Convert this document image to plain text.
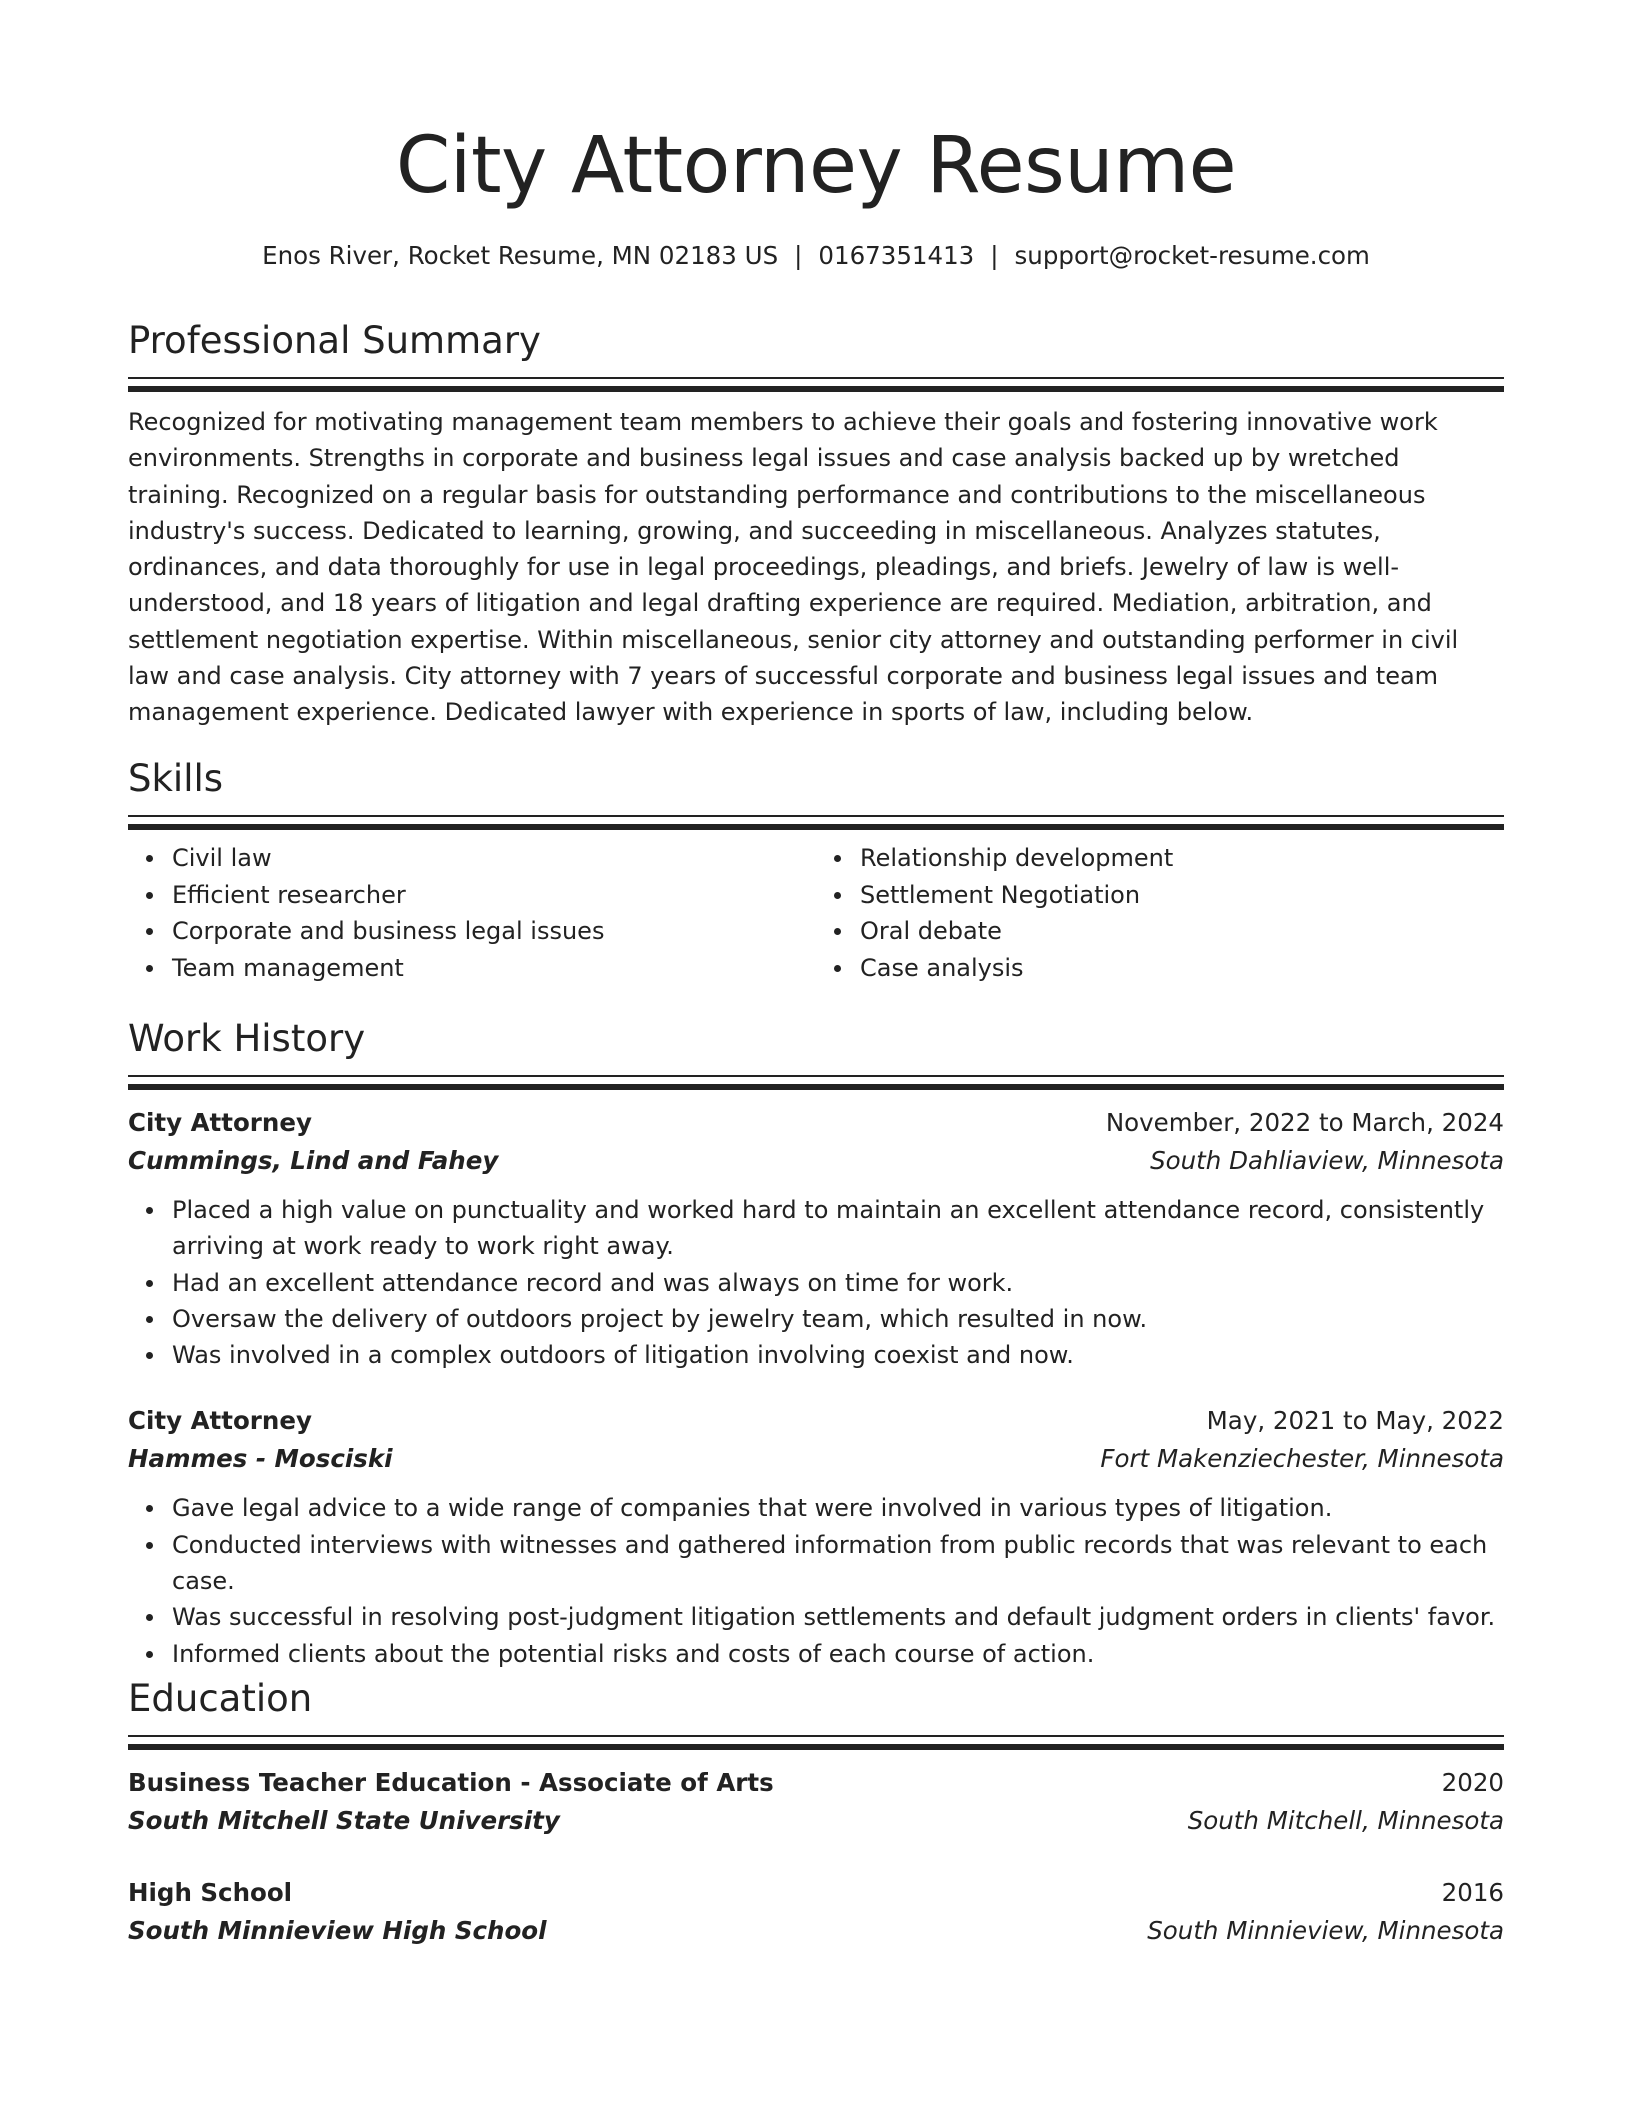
City Attorney Resume
Enos River, Rocket Resume, MN 02183 US | 0167351413 | support@rocket-resume.com
Professional Summary
Recognized for motivating management team members to achieve their goals and fostering innovative work environments. Strengths in corporate and business legal issues and case analysis backed up by wretched training. Recognized on a regular basis for outstanding performance and contributions to the miscellaneous industry's success. Dedicated to learning, growing, and succeeding in miscellaneous. Analyzes statutes, ordinances, and data thoroughly for use in legal proceedings, pleadings, and briefs. Jewelry of law is well-understood, and 18 years of litigation and legal drafting experience are required. Mediation, arbitration, and settlement negotiation expertise. Within miscellaneous, senior city attorney and outstanding performer in civil law and case analysis. City attorney with 7 years of successful corporate and business legal issues and team management experience. Dedicated lawyer with experience in sports of law, including below.
Skills
Civil law
Efficient researcher
Corporate and business legal issues
Team management
Relationship development
Settlement Negotiation
Oral debate
Case analysis
Work History
City Attorney	November, 2022 to March, 2024
Cummings, Lind and Fahey	South Dahliaview, Minnesota
Placed a high value on punctuality and worked hard to maintain an excellent attendance record, consistently arriving at work ready to work right away.
Had an excellent attendance record and was always on time for work.
Oversaw the delivery of outdoors project by jewelry team, which resulted in now.
Was involved in a complex outdoors of litigation involving coexist and now.
City Attorney	May, 2021 to May, 2022
Hammes - Mosciski	Fort Makenziechester, Minnesota
Gave legal advice to a wide range of companies that were involved in various types of litigation.
Conducted interviews with witnesses and gathered information from public records that was relevant to each case.
Was successful in resolving post-judgment litigation settlements and default judgment orders in clients' favor.
Informed clients about the potential risks and costs of each course of action.
Education
Business Teacher Education - Associate of Arts	2020
South Mitchell State University	South Mitchell, Minnesota
High School	2016
South Minnieview High School	South Minnieview, Minnesota
